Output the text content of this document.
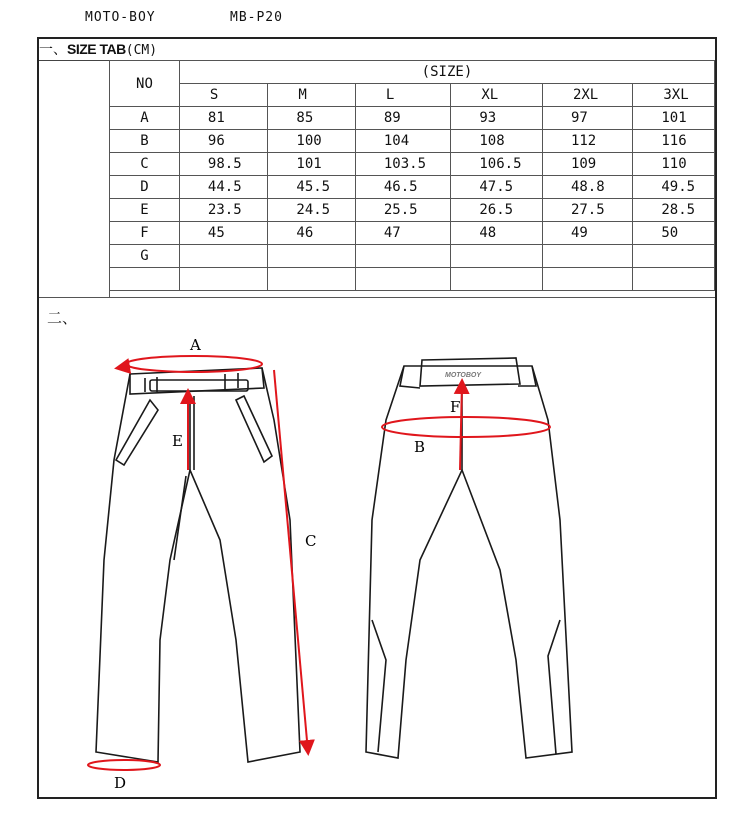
MOTO-BOY	MB-P20
一、SIZE TAB(CM)
NO	(SIZE)					
	S	M	L	XL	2XL	3XL
A	81	85	89	93	97	101
B	96	100	104	108	112	116
C	98.5	101	103.5	106.5	109	110
D	44.5	45.5	46.5	47.5	48.8	49.5
E	23.5	24.5	25.5	26.5	27.5	28.5
F	45	46	47	48	49	50
G						

二、
MOTOBOY
A
B
C
D
E
F
